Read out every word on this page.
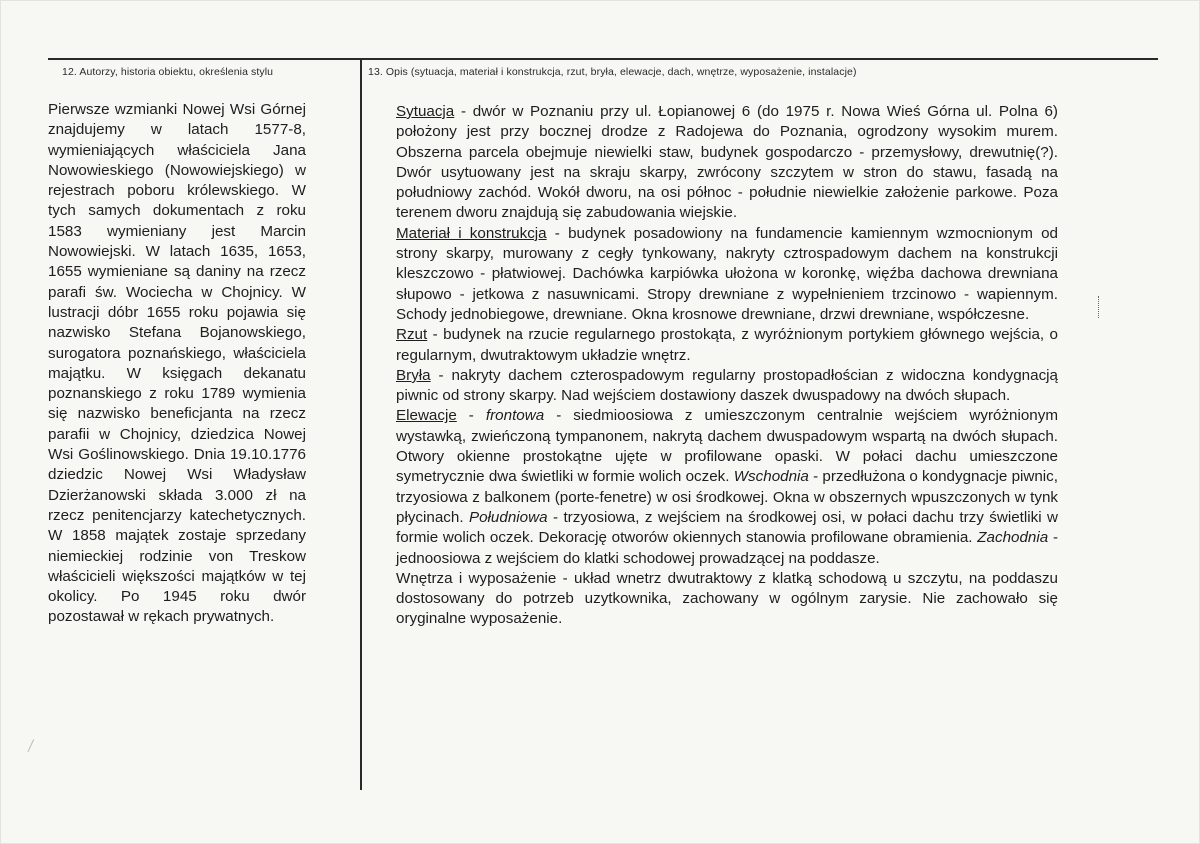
12. Autorzy, historia obiektu, określenia stylu	13. Opis (sytuacja, materiał i konstrukcja, rzut, bryła, elewacje, dach, wnętrze, wyposażenie, instalacje)
Pierwsze wzmianki Nowej Wsi Górnej znajdujemy w latach 1577-8, wymieniających właściciela Jana Nowowieskiego (Nowowiejskiego) w rejestrach poboru królewskiego. W tych samych dokumentach z roku 1583 wymieniany jest Marcin Nowowiejski. W latach 1635, 1653, 1655 wymieniane są daniny na rzecz parafi św. Wociecha w Chojnicy. W lustracji dóbr 1655 roku pojawia się nazwisko Stefana Bojanowskiego, surogatora poznańskiego, właściciela majątku. W księgach dekanatu poznanskiego z roku 1789 wymienia się nazwisko beneficjanta na rzecz parafii w Chojnicy, dziedzica Nowej Wsi Goślinowskiego. Dnia 19.10.1776 dziedzic Nowej Wsi Władysław Dzierżanowski składa 3.000 zł na rzecz penitencjarzy katechetycznych. W 1858 majątek zostaje sprzedany niemieckiej rodzinie von Treskow właścicieli większości majątków w tej okolicy. Po 1945 roku dwór pozostawał w rękach prywatnych.

Sytuacja - dwór w Poznaniu przy ul. Łopianowej 6 (do 1975 r. Nowa Wieś Górna ul. Polna 6) położony jest przy bocznej drodze z Radojewa do Poznania, ogrodzony wysokim murem. Obszerna parcela obejmuje niewielki staw, budynek gospodarczo - przemysłowy, drewutnię(?). Dwór usytuowany jest na skraju skarpy, zwrócony szczytem w stron do stawu, fasadą na południowy zachód. Wokół dworu, na osi północ - południe niewielkie założenie parkowe. Poza terenem dworu znajdują się zabudowania wiejskie.

Materiał i konstrukcja - budynek posadowiony na fundamencie kamiennym wzmocnionym od strony skarpy, murowany z cegły tynkowany, nakryty cztrospadowym dachem na konstrukcji kleszczowo - płatwiowej. Dachówka karpiówka ułożona w koronkę, więźba dachowa drewniana słupowo - jetkowa z nasuwnicami. Stropy drewniane z wypełnieniem trzcinowo - wapiennym. Schody jednobiegowe, drewniane. Okna krosnowe drewniane, drzwi drewniane, współczesne.

Rzut - budynek na rzucie regularnego prostokąta, z wyróżnionym portykiem głównego wejścia, o regularnym, dwutraktowym układzie wnętrz.

Bryła - nakryty dachem czterospadowym regularny prostopadłościan z widoczna kondygnacją piwnic od strony skarpy. Nad wejściem dostawiony daszek dwuspadowy na dwóch słupach.

Elewacje - frontowa - siedmioosiowa z umieszczonym centralnie wejściem wyróżnionym wystawką, zwieńczoną tympanonem, nakrytą dachem dwuspadowym wspartą na dwóch słupach. Otwory okienne prostokątne ujęte w profilowane opaski. W połaci dachu umieszczone symetrycznie dwa świetliki w formie wolich oczek. Wschodnia - przedłużona o kondygnacje piwnic, trzyosiowa z balkonem (porte-fenetre) w osi środkowej. Okna w obszernych wpuszczonych w tynk płycinach. Południowa - trzyosiowa, z wejściem na środkowej osi, w połaci dachu trzy świetliki w formie wolich oczek. Dekorację otworów okiennych stanowia profilowane obramienia. Zachodnia - jednoosiowa z wejściem do klatki schodowej prowadzącej na poddasze.

Wnętrza i wyposażenie - układ wnetrz dwutraktowy z klatką schodową u szczytu, na poddaszu dostosowany do potrzeb uzytkownika, zachowany w ogólnym zarysie. Nie zachowało się oryginalne wyposażenie.
